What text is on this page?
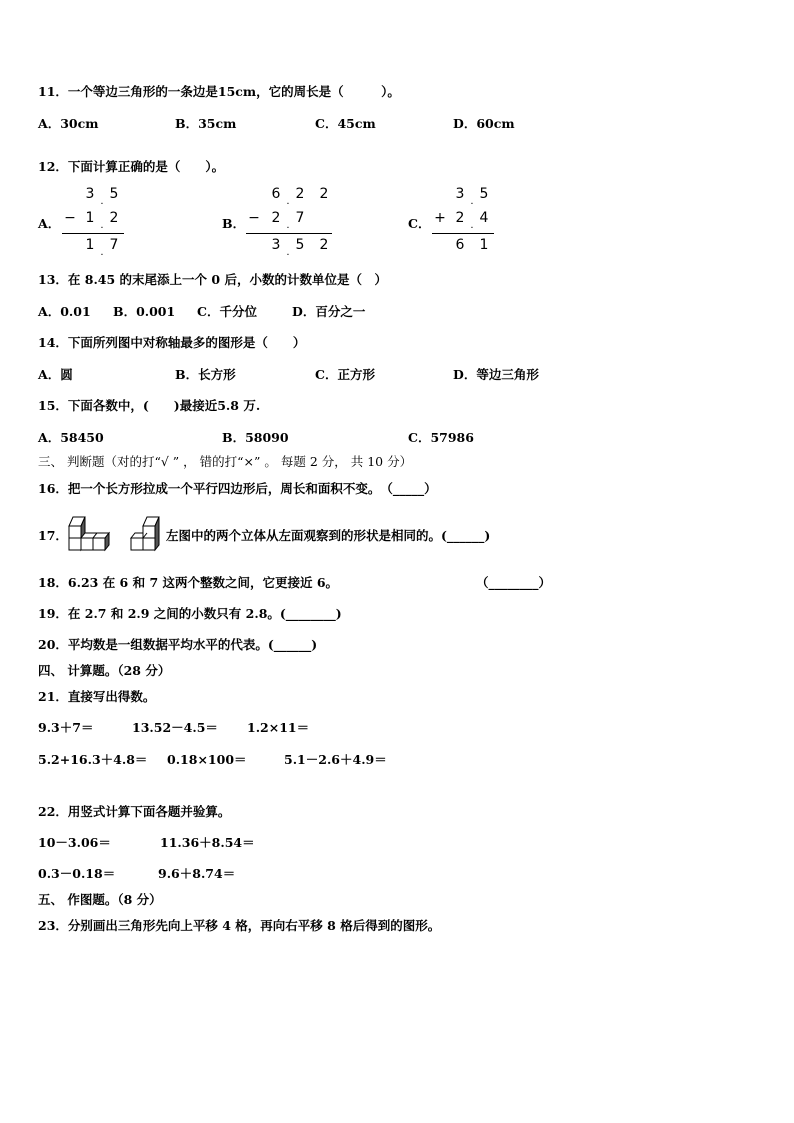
11．一个等边三角形的一条边是15cm，它的周长是（　　　）。
A．30cm	B．35cm	C．45cm	D．60cm
12．下面计算正确的是（　　）。
A．
3 5
.
− 1 2
.
1 7
.
B．
6 2 2
.
− 2 7
.
3 5 2
.
C．
3 5
.
+ 2 4
.
6 1
13．在 8.45 的末尾添上一个 0 后，小数的计数单位是（　）
A．0.01 B．0.001 C．千分位	D．百分之一
14．下面所列图中对称轴最多的图形是（　　）
A．圆	B．长方形	C．正方形	D．等边三角形
15．下面各数中，(　　)最接近5.8 万.
A．58450	B．58090	C．57986
三、 判断题（对的打“√ ” ， 错的打“×” 。 每题 2 分， 共 10 分）
16．把一个长方形拉成一个平行四边形后，周长和面积不变。　（_____）
17．	左图中的两个立体从左面观察到的形状是相同的。(______)
18．6.23 在 6 和 7 这两个整数之间，它更接近 6。	（________）
19．在 2.7 和 2.9 之间的小数只有 2.8。(________)
20．平均数是一组数据平均水平的代表。(______)
四、 计算题。（28 分）
21．直接写出得数。
9.3＋7＝	13.52－4.5＝ 1.2×11＝
5.2+16.3＋4.8＝ 0.18×100＝	5.1－2.6＋4.9＝
22．用竖式计算下面各题并验算。
10－3.06＝	11.36＋8.54＝
0.3－0.18＝	9.6＋8.74＝
五、 作图题。（8 分）
23．分别画出三角形先向上平移 4 格，再向右平移 8 格后得到的图形。
